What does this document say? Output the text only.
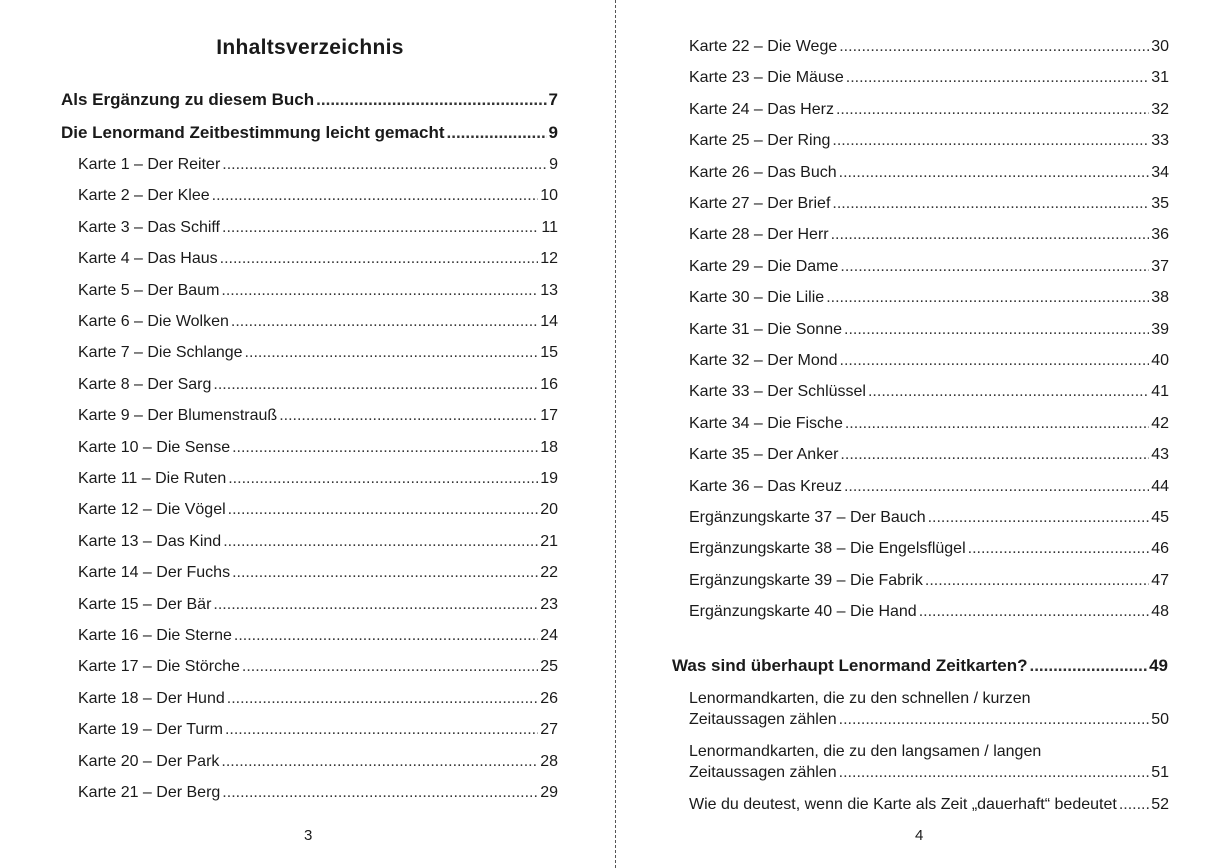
Inhaltsverzeichnis
Als Ergänzung zu diesem Buch .....	7
Die Lenormand Zeitbestimmung leicht gemacht .....	9
Karte 1 – Der Reiter .....	9
Karte 2 – Der Klee .....	10
Karte 3 – Das Schiff .....	11
Karte 4 – Das Haus .....	12
Karte 5 – Der Baum .....	13
Karte 6 – Die Wolken .....	14
Karte 7 – Die Schlange .....	15
Karte 8 – Der Sarg .....	16
Karte 9 – Der Blumenstrauß .....	17
Karte 10 – Die Sense .....	18
Karte 11 – Die Ruten .....	19
Karte 12 – Die Vögel .....	20
Karte 13 – Das Kind .....	21
Karte 14 – Der Fuchs .....	22
Karte 15 – Der Bär .....	23
Karte 16 – Die Sterne .....	24
Karte 17 – Die Störche .....	25
Karte 18 – Der Hund .....	26
Karte 19 – Der Turm .....	27
Karte 20 – Der Park .....	28
Karte 21 – Der Berg .....	29
3
Karte 22 – Die Wege .....	30
Karte 23 – Die Mäuse .....	31
Karte 24 – Das Herz .....	32
Karte 25 – Der Ring .....	33
Karte 26 – Das Buch .....	34
Karte 27 – Der Brief .....	35
Karte 28 – Der Herr .....	36
Karte 29 – Die Dame .....	37
Karte 30 – Die Lilie .....	38
Karte 31 – Die Sonne .....	39
Karte 32 – Der Mond .....	40
Karte 33 – Der Schlüssel .....	41
Karte 34 – Die Fische .....	42
Karte 35 – Der Anker .....	43
Karte 36 – Das Kreuz .....	44
Ergänzungskarte 37 – Der Bauch .....	45
Ergänzungskarte 38 – Die Engelsflügel .....	46
Ergänzungskarte 39 – Die Fabrik .....	47
Ergänzungskarte 40 – Die Hand .....	48
Was sind überhaupt Lenormand Zeitkarten? .....	49
Lenormandkarten, die zu den schnellen / kurzen
Zeitaussagen zählen .....	50
Lenormandkarten, die zu den langsamen / langen
Zeitaussagen zählen .....	51
Wie du deutest, wenn die Karte als Zeit „dauerhaft“ bedeutet ..... 52
4
